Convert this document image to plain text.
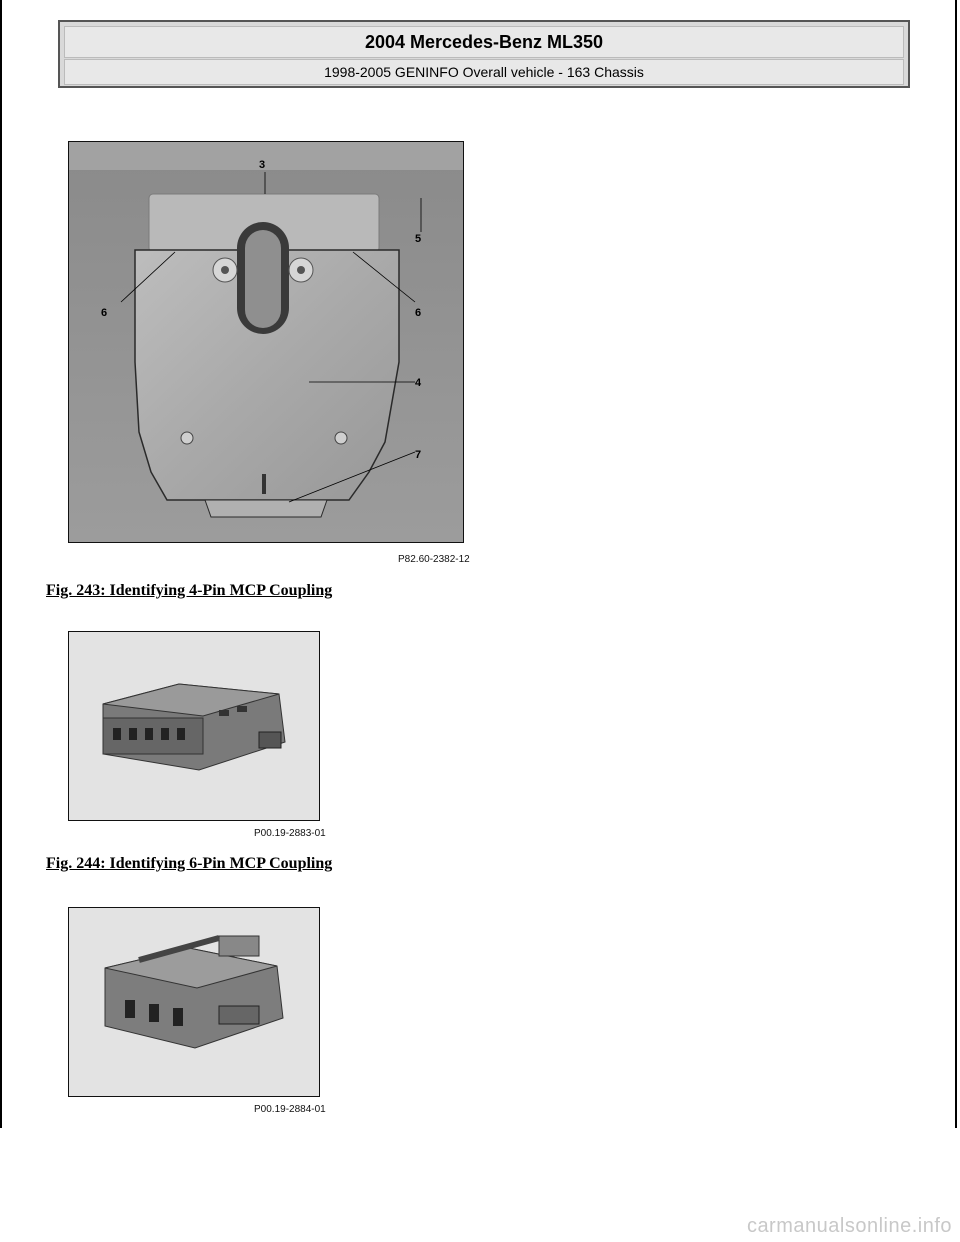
2004 Mercedes-Benz ML350
1998-2005 GENINFO Overall vehicle - 163 Chassis
3
5
6	6
4
7
P82.60-2382-12
Fig. 243: Identifying 4-Pin MCP Coupling
P00.19-2883-01
Fig. 244: Identifying 6-Pin MCP Coupling
P00.19-2884-01
carmanualsonline.info
